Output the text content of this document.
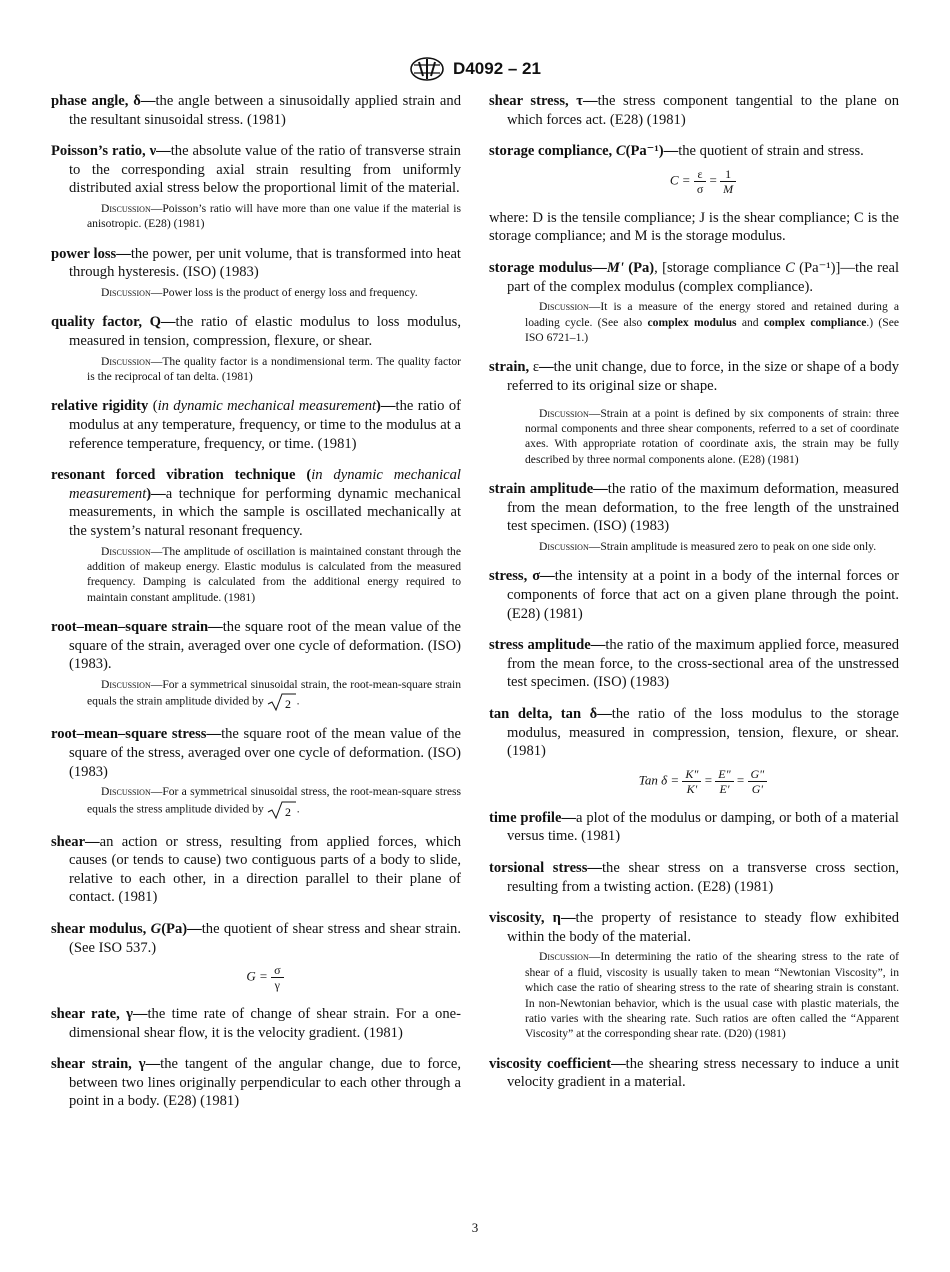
D4092 – 21
phase angle, δ—the angle between a sinusoidally applied strain and the resultant sinusoidal stress. (1981)
Poisson’s ratio, ν—the absolute value of the ratio of transverse strain to the corresponding axial strain resulting from uniformly distributed axial stress below the proportional limit of the material.
Discussion—Poisson’s ratio will have more than one value if the material is anisotropic. (E28) (1981)
power loss—the power, per unit volume, that is transformed into heat through hysteresis. (ISO) (1983)
Discussion—Power loss is the product of energy loss and frequency.
quality factor, Q—the ratio of elastic modulus to loss modulus, measured in tension, compression, flexure, or shear.
Discussion—The quality factor is a nondimensional term. The quality factor is the reciprocal of tan delta. (1981)
relative rigidity (in dynamic mechanical measurement)—the ratio of modulus at any temperature, frequency, or time to the modulus at a reference temperature, frequency, or time. (1981)
resonant forced vibration technique (in dynamic mechanical measurement)—a technique for performing dynamic mechanical measurements, in which the sample is oscillated mechanically at the system’s natural resonant frequency.
Discussion—The amplitude of oscillation is maintained constant through the addition of makeup energy. Elastic modulus is calculated from the measured frequency. Damping is calculated from the additional energy required to maintain constant amplitude. (1981)
root–mean–square strain—the square root of the mean value of the square of the strain, averaged over one cycle of deformation. (ISO) (1983).
Discussion—For a symmetrical sinusoidal strain, the root-mean-square strain equals the strain amplitude divided by 2 .
root–mean–square stress—the square root of the mean value of the square of the stress, averaged over one cycle of deformation. (ISO) (1983)
Discussion—For a symmetrical sinusoidal stress, the root-mean-square stress equals the stress amplitude divided by 2 .
shear—an action or stress, resulting from applied forces, which causes (or tends to cause) two contiguous parts of a body to slide, relative to each other, in a direction parallel to their plane of contact. (1981)
shear modulus, G(Pa)—the quotient of shear stress and shear strain. (See ISO 537.)
$G = \frac{\sigma}{\gamma}$
shear rate, γ—the time rate of change of shear strain. For a one-dimensional shear flow, it is the velocity gradient. (1981)
shear strain, γ—the tangent of the angular change, due to force, between two lines originally perpendicular to each other through a point in a body. (E28) (1981)
shear stress, τ—the stress component tangential to the plane on which forces act. (E28) (1981)
storage compliance, C(Pa⁻¹)—the quotient of strain and stress.
$C = \frac{\varepsilon}{\sigma} = \frac{1}{M}$
where: D is the tensile compliance; J is the shear compliance; C is the storage compliance; and M is the storage modulus.
storage modulus—M' (Pa), [storage compliance C (Pa⁻¹)]—the real part of the complex modulus (complex compliance).
Discussion—It is a measure of the energy stored and retained during a loading cycle. (See also complex modulus and complex compliance.) (See ISO 6721–1.)
strain, ε—the unit change, due to force, in the size or shape of a body referred to its original size or shape.
Discussion—Strain at a point is defined by six components of strain: three normal components and three shear components, referred to a set of coordinate axes. With appropriate rotation of coordinate axis, the strain may be fully described by three normal components alone. (E28) (1981)
strain amplitude—the ratio of the maximum deformation, measured from the mean deformation, to the free length of the unstrained test specimen. (ISO) (1983)
Discussion—Strain amplitude is measured zero to peak on one side only.
stress, σ—the intensity at a point in a body of the internal forces or components of force that act on a given plane through the point. (E28) (1981)
stress amplitude—the ratio of the maximum applied force, measured from the mean force, to the cross-sectional area of the unstressed test specimen. (ISO) (1983)
tan delta, tan δ—the ratio of the loss modulus to the storage modulus, measured in compression, tension, flexure, or shear. (1981)
Tan $\delta = \frac{K"}{K'} = \frac{E"}{E'} = \frac{G"}{G'}$
time profile—a plot of the modulus or damping, or both of a material versus time. (1981)
torsional stress—the shear stress on a transverse cross section, resulting from a twisting action. (E28) (1981)
viscosity, η—the property of resistance to steady flow exhibited within the body of the material.
Discussion—In determining the ratio of the shearing stress to the rate of shear of a fluid, viscosity is usually taken to mean “Newtonian Viscosity”, in which case the ratio of shearing stress to the rate of shearing strain is constant. In non-Newtonian behavior, which is the usual case with plastic materials, the ratio varies with the shearing rate. Such ratios are often called the “Apparent Viscosity” at the corresponding shear rate. (D20) (1981)
viscosity coefficient—the shearing stress necessary to induce a unit velocity gradient in a material.
3
